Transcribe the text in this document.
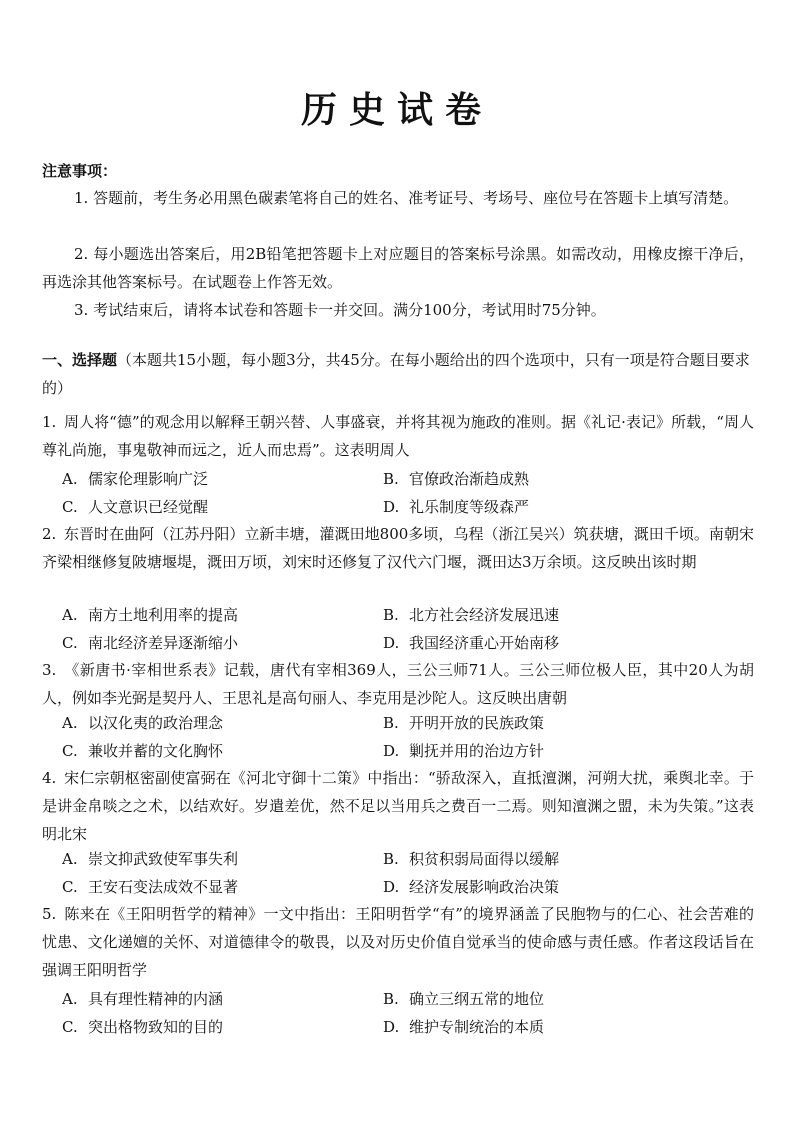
历史试卷
注意事项：
1. 答题前，考生务必用黑色碳素笔将自己的姓名、准考证号、考场号、座位号在答题卡上填写清楚。
2. 每小题选出答案后，用2B铅笔把答题卡上对应题目的答案标号涂黑。如需改动，用橡皮擦干净后，再选涂其他答案标号。在试题卷上作答无效。
3. 考试结束后，请将本试卷和答题卡一并交回。满分100分，考试用时75分钟。
一、选择题（本题共15小题，每小题3分，共45分。在每小题给出的四个选项中，只有一项是符合题目要求的）
1. 周人将“德”的观念用以解释王朝兴替、人事盛衰，并将其视为施政的准则。据《礼记·表记》所载，“周人尊礼尚施，事鬼敬神而远之，近人而忠焉”。这表明周人
A. 儒家伦理影响广泛	B. 官僚政治渐趋成熟
C. 人文意识已经觉醒	D. 礼乐制度等级森严
2. 东晋时在曲阿（江苏丹阳）立新丰塘，灌溉田地800多顷，乌程（浙江吴兴）筑获塘，溉田千顷。南朝宋齐梁相继修复陂塘堰堤，溉田万顷，刘宋时还修复了汉代六门堰，溉田达3万余顷。这反映出该时期
A. 南方土地利用率的提高	B. 北方社会经济发展迅速
C. 南北经济差异逐渐缩小	D. 我国经济重心开始南移
3. 《新唐书·宰相世系表》记载，唐代有宰相369人，三公三师71人。三公三师位极人臣，其中20人为胡人，例如李光弼是契丹人、王思礼是高句丽人、李克用是沙陀人。这反映出唐朝
A. 以汉化夷的政治理念	B. 开明开放的民族政策
C. 兼收并蓄的文化胸怀	D. 剿抚并用的治边方针
4. 宋仁宗朝枢密副使富弼在《河北守御十二策》中指出：“骄敌深入，直抵澶渊，河朔大扰，乘舆北幸。于是讲金帛啖之之术，以结欢好。岁遣差优，然不足以当用兵之费百一二焉。则知澶渊之盟，未为失策。”这表明北宋
A. 崇文抑武致使军事失利	B. 积贫积弱局面得以缓解
C. 王安石变法成效不显著	D. 经济发展影响政治决策
5. 陈来在《王阳明哲学的精神》一文中指出：王阳明哲学“有”的境界涵盖了民胞物与的仁心、社会苦难的忧患、文化递嬗的关怀、对道德律令的敬畏，以及对历史价值自觉承当的使命感与责任感。作者这段话旨在强调王阳明哲学
A. 具有理性精神的内涵	B. 确立三纲五常的地位
C. 突出格物致知的目的	D. 维护专制统治的本质
